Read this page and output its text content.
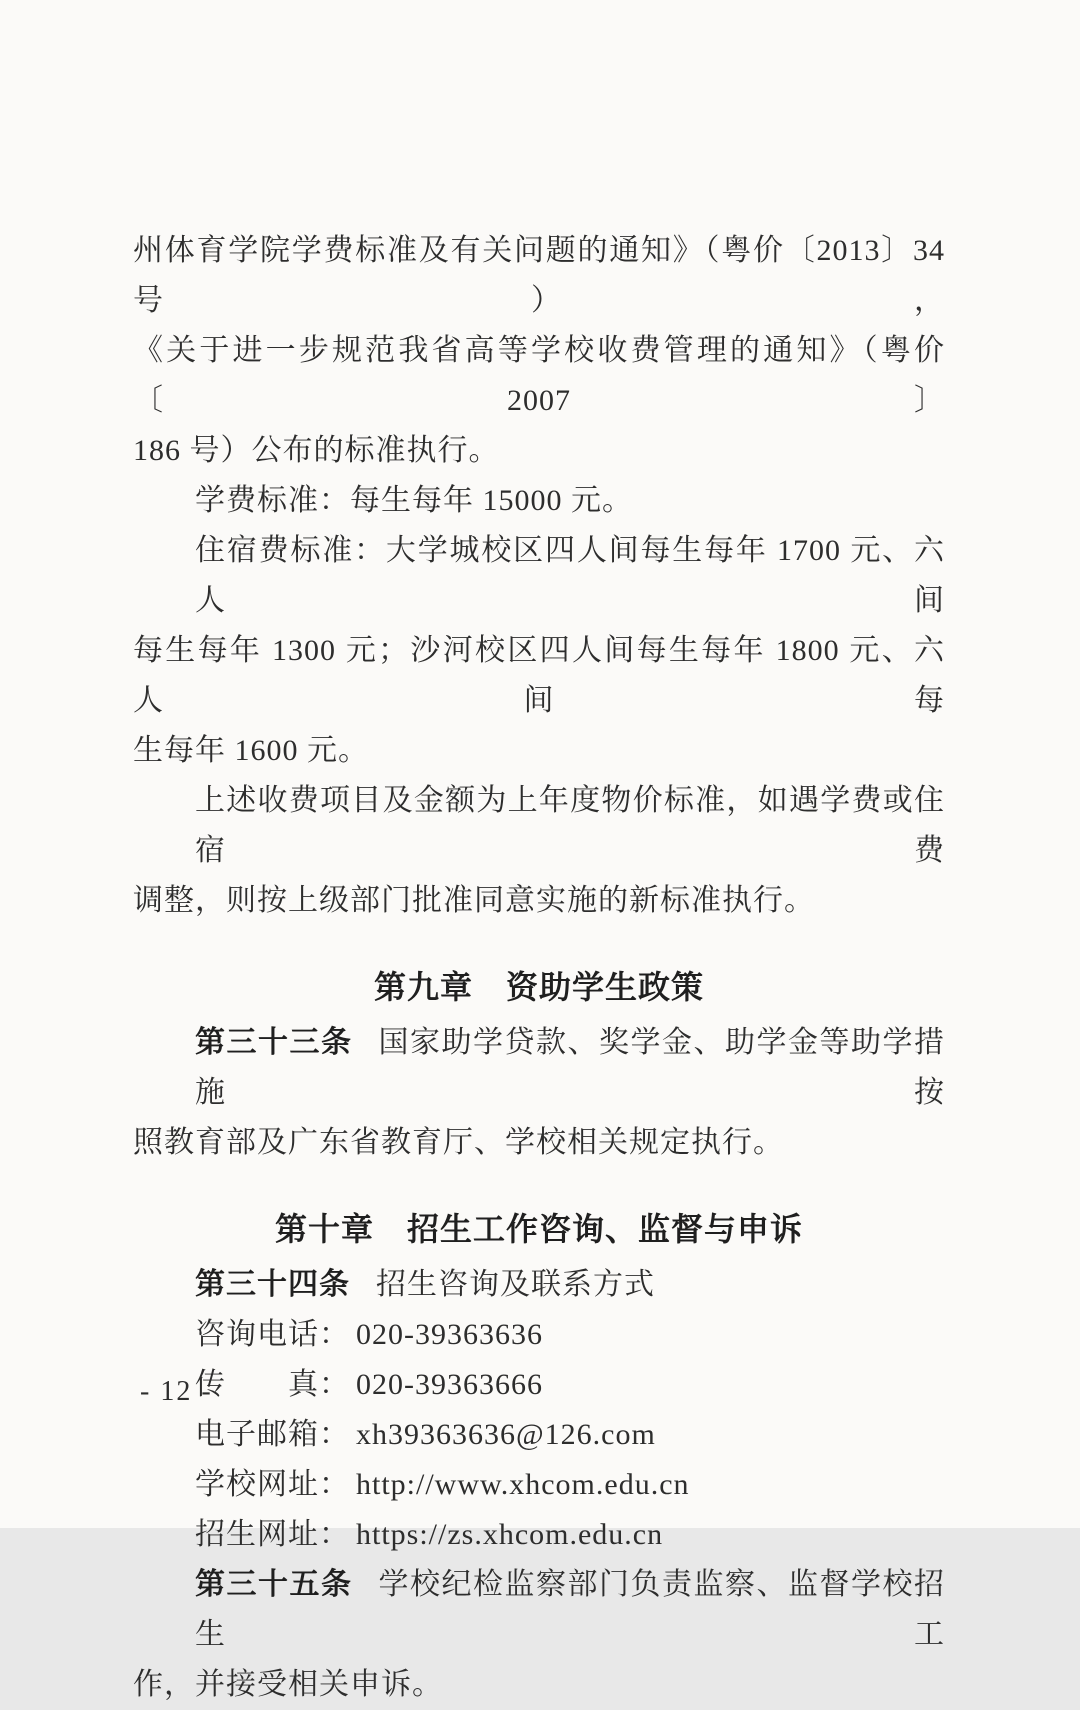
州体育学院学费标准及有关问题的通知》（粤价〔2013〕34 号），
《关于进一步规范我省高等学校收费管理的通知》（粤价〔2007〕
186 号）公布的标准执行。
学费标准：每生每年 15000 元。
住宿费标准：大学城校区四人间每生每年 1700 元、六人间
每生每年 1300 元；沙河校区四人间每生每年 1800 元、六人间每
生每年 1600 元。
上述收费项目及金额为上年度物价标准，如遇学费或住宿费
调整，则按上级部门批准同意实施的新标准执行。
第九章　资助学生政策
第三十三条 国家助学贷款、奖学金、助学金等助学措施按
照教育部及广东省教育厅、学校相关规定执行。
第十章　招生工作咨询、监督与申诉
第三十四条 招生咨询及联系方式
咨询电话： 020-39363636
传　　真： 020-39363666
电子邮箱： xh39363636@126.com
学校网址： http://www.xhcom.edu.cn
招生网址： https://zs.xhcom.edu.cn
第三十五条 学校纪检监察部门负责监察、监督学校招生工
作，并接受相关申诉。
- 12 -
